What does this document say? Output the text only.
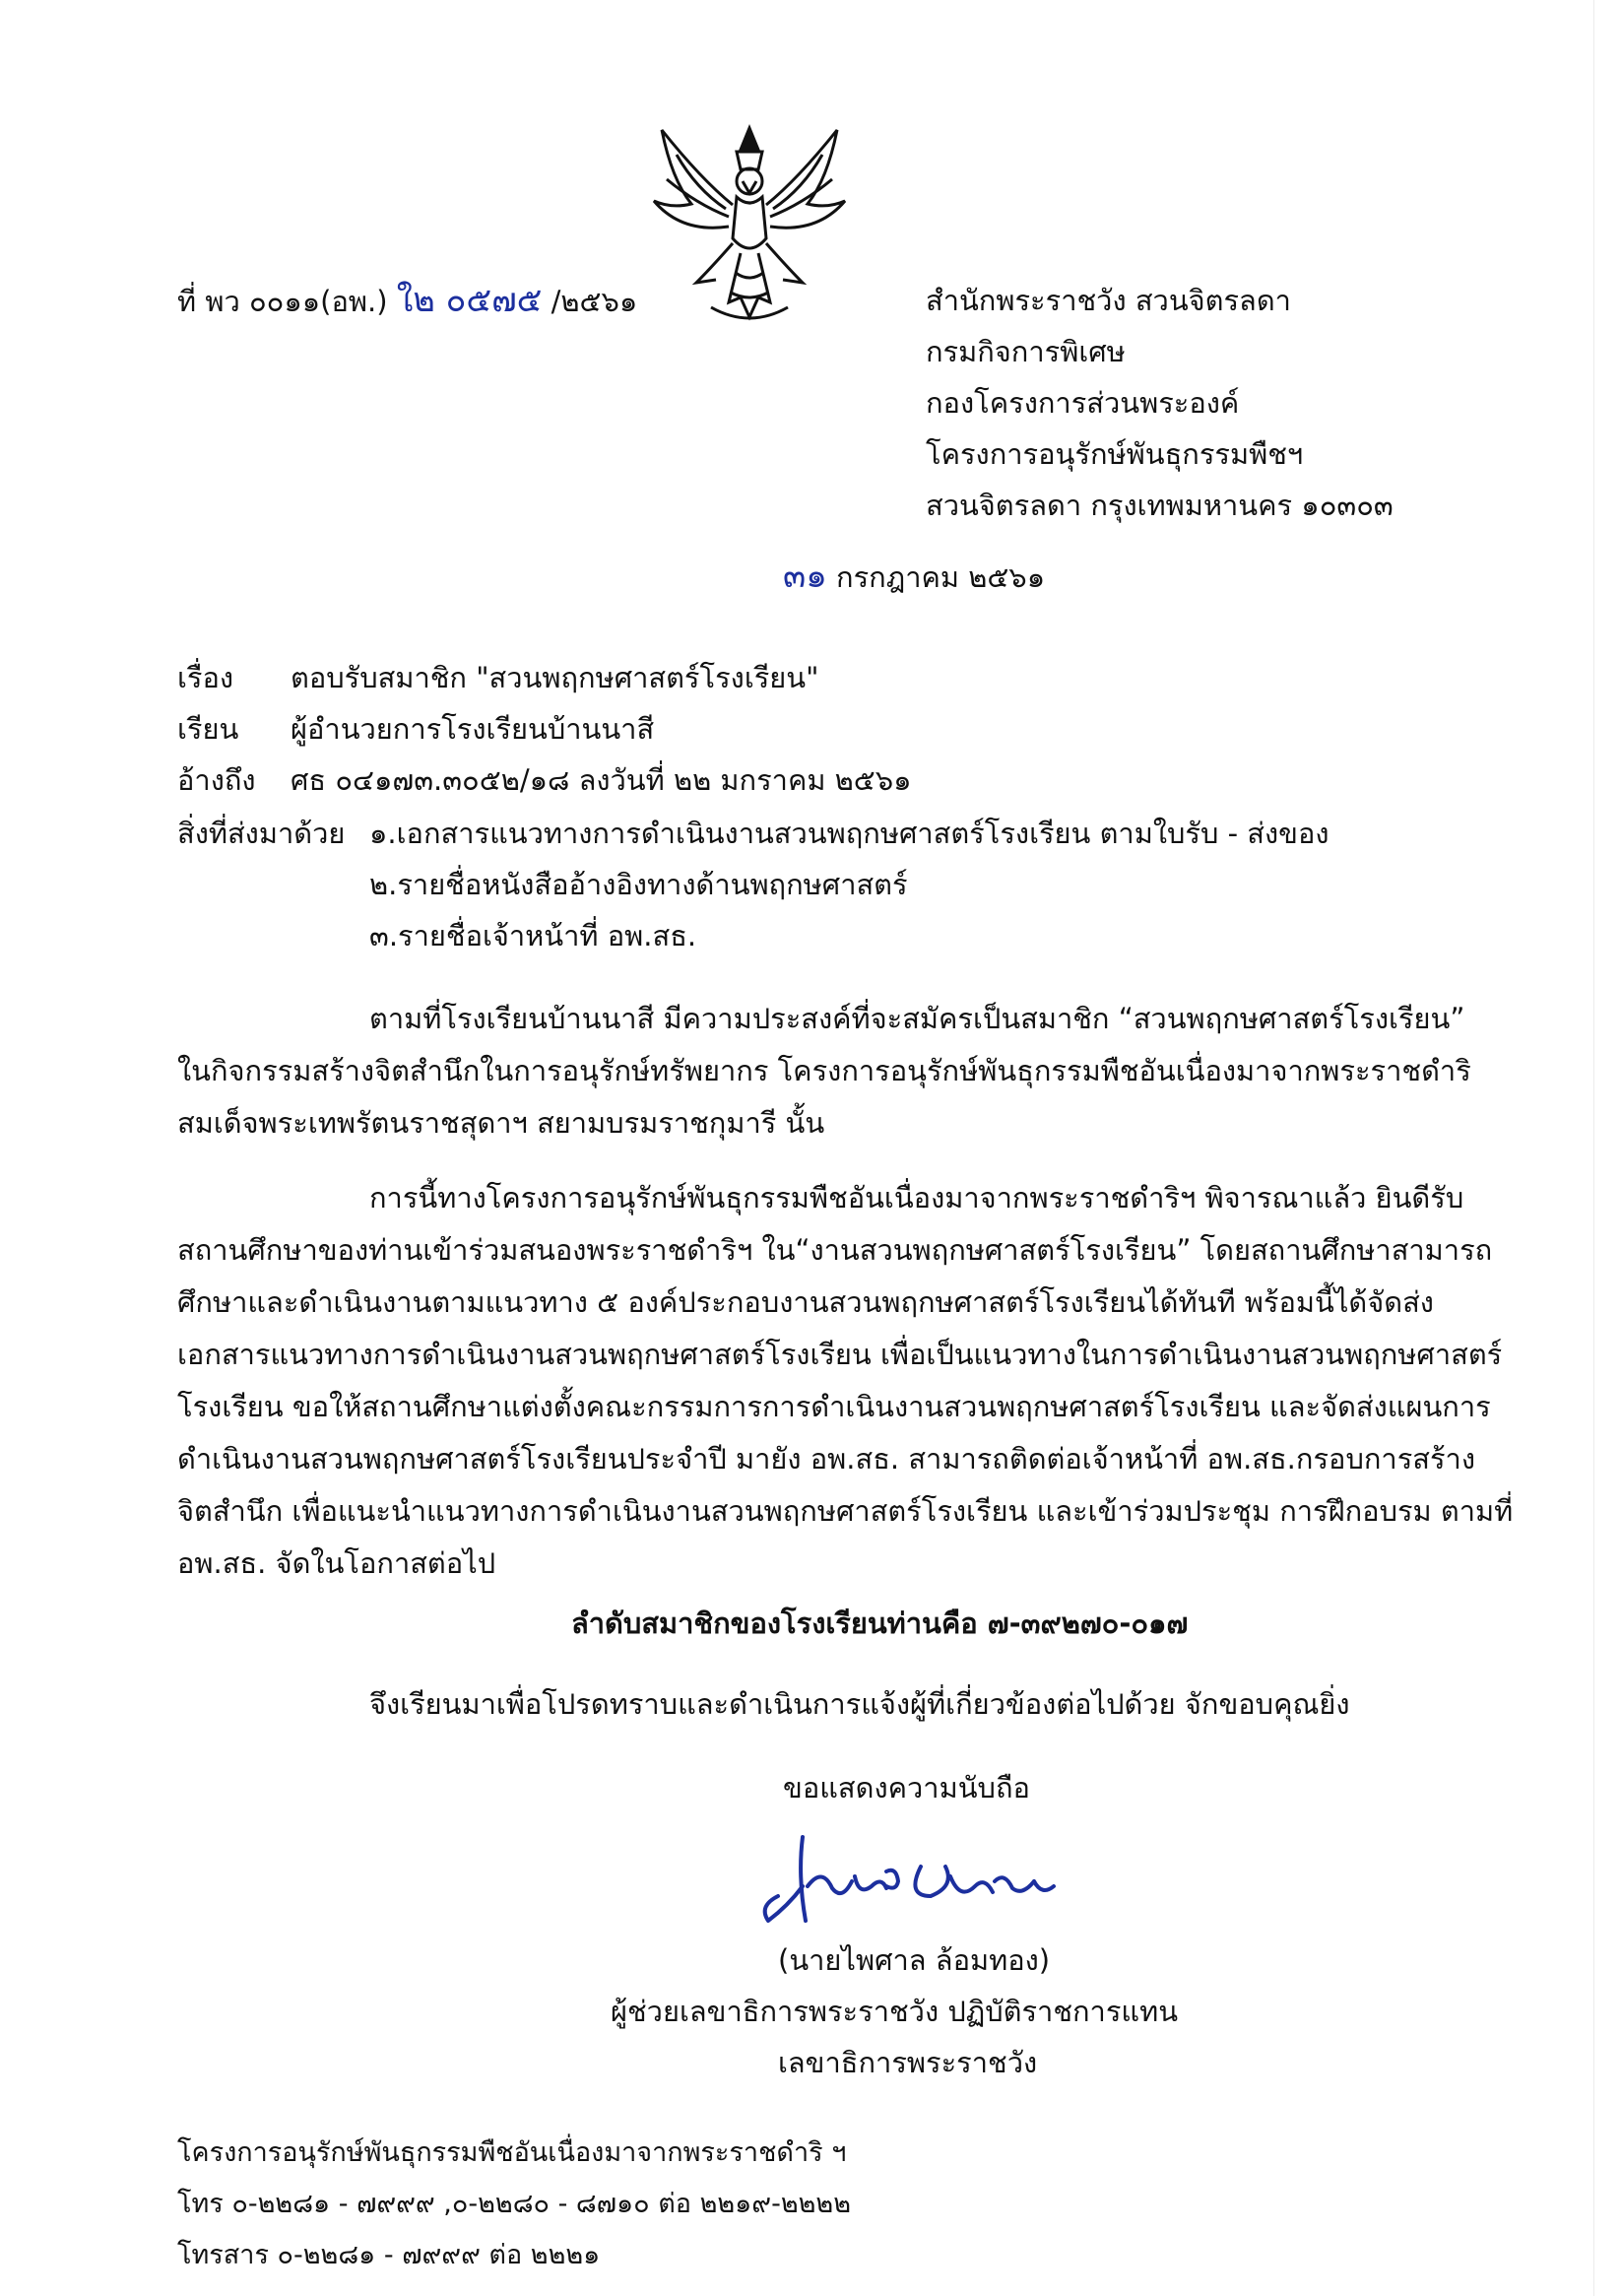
ที่ พว ๐๐๑๑(อพ.) ใ๒ ๐๕๗๕ /๒๕๖๑	สำนักพระราชวัง สวนจิตรลดา
กรมกิจการพิเศษ
กองโครงการส่วนพระองค์
โครงการอนุรักษ์พันธุกรรมพืชฯ
สวนจิตรลดา กรุงเทพมหานคร ๑๐๓๐๓
๓๑ กรกฎาคม ๒๕๖๑
เรื่อง ตอบรับสมาชิก "สวนพฤกษศาสตร์โรงเรียน"
เรียน ผู้อำนวยการโรงเรียนบ้านนาสี
อ้างถึง ศธ ๐๔๑๗๓.๓๐๕๒/๑๘ ลงวันที่ ๒๒ มกราคม ๒๕๖๑
สิ่งที่ส่งมาด้วย ๑.เอกสารแนวทางการดำเนินงานสวนพฤกษศาสตร์โรงเรียน ตามใบรับ - ส่งของ
๒.รายชื่อหนังสืออ้างอิงทางด้านพฤกษศาสตร์
๓.รายชื่อเจ้าหน้าที่ อพ.สธ.
ตามที่โรงเรียนบ้านนาสี มีความประสงค์ที่จะสมัครเป็นสมาชิก “สวนพฤกษศาสตร์โรงเรียน”
ในกิจกรรมสร้างจิตสำนึกในการอนุรักษ์ทรัพยากร โครงการอนุรักษ์พันธุกรรมพืชอันเนื่องมาจากพระราชดำริ
สมเด็จพระเทพรัตนราชสุดาฯ สยามบรมราชกุมารี นั้น
การนี้ทางโครงการอนุรักษ์พันธุกรรมพืชอันเนื่องมาจากพระราชดำริฯ พิจารณาแล้ว ยินดีรับ
สถานศึกษาของท่านเข้าร่วมสนองพระราชดำริฯ ใน“งานสวนพฤกษศาสตร์โรงเรียน” โดยสถานศึกษาสามารถ
ศึกษาและดำเนินงานตามแนวทาง ๕ องค์ประกอบงานสวนพฤกษศาสตร์โรงเรียนได้ทันที พร้อมนี้ได้จัดส่ง
เอกสารแนวทางการดำเนินงานสวนพฤกษศาสตร์โรงเรียน เพื่อเป็นแนวทางในการดำเนินงานสวนพฤกษศาสตร์
โรงเรียน ขอให้สถานศึกษาแต่งตั้งคณะกรรมการการดำเนินงานสวนพฤกษศาสตร์โรงเรียน และจัดส่งแผนการ
ดำเนินงานสวนพฤกษศาสตร์โรงเรียนประจำปี มายัง อพ.สธ. สามารถติดต่อเจ้าหน้าที่ อพ.สธ.กรอบการสร้าง
จิตสำนึก เพื่อแนะนำแนวทางการดำเนินงานสวนพฤกษศาสตร์โรงเรียน และเข้าร่วมประชุม การฝึกอบรม ตามที่
อพ.สธ. จัดในโอกาสต่อไป
ลำดับสมาชิกของโรงเรียนท่านคือ ๗-๓๙๒๗๐-๐๑๗
จึงเรียนมาเพื่อโปรดทราบและดำเนินการแจ้งผู้ที่เกี่ยวข้องต่อไปด้วย จักขอบคุณยิ่ง
ขอแสดงความนับถือ
(นายไพศาล ล้อมทอง)
ผู้ช่วยเลขาธิการพระราชวัง ปฏิบัติราชการแทน
เลขาธิการพระราชวัง
โครงการอนุรักษ์พันธุกรรมพืชอันเนื่องมาจากพระราชดำริ ฯ
โทร ๐-๒๒๘๑ - ๗๙๙๙ ,๐-๒๒๘๐ - ๘๗๑๐ ต่อ ๒๒๑๙-๒๒๒๒
โทรสาร ๐-๒๒๘๑ - ๗๙๙๙ ต่อ ๒๒๒๑
